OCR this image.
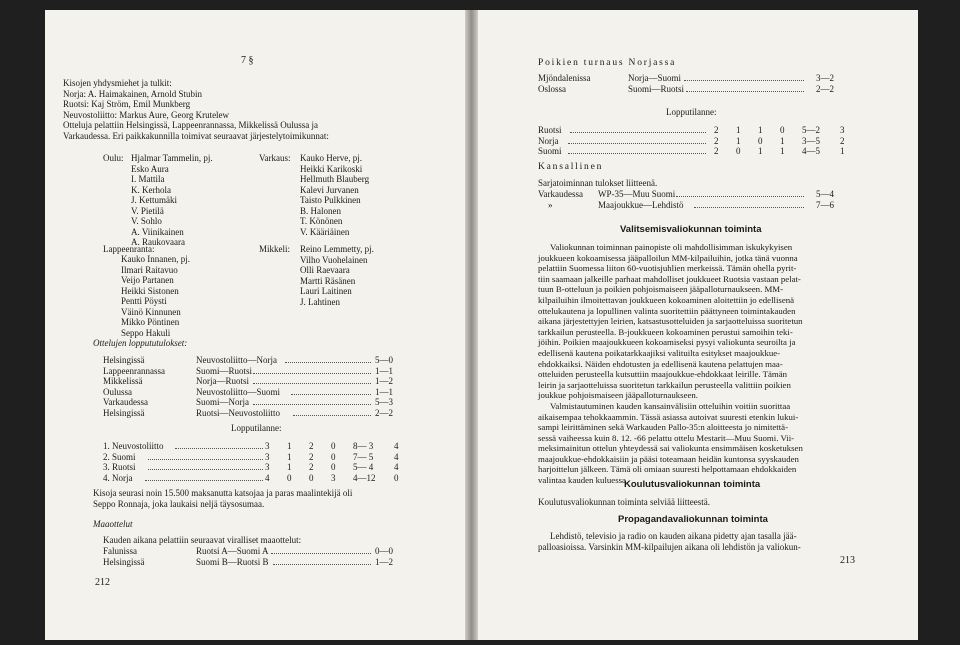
7 §
Kisojen yhdysmiehet ja tulkit:
Norja: A. Haimakainen, Arnold Stubin
Ruotsi: Kaj Ström, Emil Munkberg
Neuvostoliitto: Markus Aure, Georg Krutelew
Otteluja pelattiin Helsingissä, Lappeenrannassa, Mikkelissä Oulussa ja
Varkaudessa. Eri paikkakunnilla toimivat seuraavat järjestelytoimikunnat:
Oulu: Hjalmar Tammelin, pj.
Esko Aura
I. Mattila
K. Kerhola
J. Kettumäki
V. Pietilä
V. Sohlo
A. Viinikainen
A. Raukovaara
Varkaus: Kauko Herve, pj.
Heikki Karikoski
Hellmuth Blauberg
Kalevi Jurvanen
Taisto Pulkkinen
B. Halonen
T. Könönen
V. Kääriäinen
Lappeenranta:
Kauko Innanen, pj.
Ilmari Raitavuo
Veijo Partanen
Heikki Sistonen
Pentti Pöysti
Väinö Kinnunen
Mikko Pöntinen
Seppo Hakuli
Mikkeli: Reino Lemmetty, pj.
Vilho Vuohelainen
Olli Raevaara
Martti Räsänen
Lauri Laitinen
J. Lahtinen
Ottelujen loppututulokset:
Helsingissä	Neuvostoliitto—Norja	5—0
Lappeenrannassa	Suomi—Ruotsi	1—1
Mikkelissä	Norja—Ruotsi	1—2
Oulussa	Neuvostoliitto—Suomi	1—1
Varkaudessa	Suomi—Norja	5—3
Helsingissä	Ruotsi—Neuvostoliitto	2—2
Lopputilanne:
1. Neuvostoliitto	3 1 2 0 8— 3 4
2. Suomi	3 1 2 0 7— 5 4
3. Ruotsi	3 1 2 0 5— 4 4
4. Norja	4 0 0 3 4—12 0
Kisoja seurasi noin 15.500 maksanutta katsojaa ja paras maalintekijä oli
Seppo Ronnaja, joka laukaisi neljä täysosumaa.
Maaottelut
Kauden aikana pelattiin seuraavat viralliset maaottelut:
Falunissa	Ruotsi A—Suomi A	0—0
Helsingissä	Suomi B—Ruotsi B	1—2
212
Poikien turnaus Norjassa
Mjöndalenissa	Norja—Suomi	3—2
Oslossa	Suomi—Ruotsi	2—2
Lopputilanne:
Ruotsi	2 1 1 0 5—2 3
Norja	2 1 0 1 3—5 2
Suomi	2 0 1 1 4—5 1
Kansallinen
Sarjatoiminnan tulokset liitteenä.
Varkaudessa WP-35—Muu Suomi	5—4
»	Maajoukkue—Lehdistö	7—6
Valitsemisvaliokunnan toiminta
Valiokunnan toiminnan painopiste oli mahdollisimman iskukykyisen
joukkueen kokoamisessa jääpalloilun MM-kilpailuihin, jotka tänä vuonna
pelattiin Suomessa liiton 60-vuotisjuhlien merkeissä. Tämän ohella pyrit-
tiin saamaan jalkeille parhaat mahdolliset joukkueet Ruotsia vastaan pelat-
tuun B-otteluun ja poikien pohjoismaiseen jääpalloturnaukseen. MM-
kilpailuihin ilmoitettavan joukkueen kokoaminen aloitettiin jo edellisenä
ottelukautena ja lopullinen valinta suoritettiin päättyneen toimintakauden
aikana järjestettyjen leirien, katsastusotteluiden ja sarjaotteluissa suoritetun
tarkkailun perusteella. B-joukkueen kokoaminen perustui samoihin teki-
jöihin. Poikien maajoukkueen kokoamiseksi pysyi valiokunta seuroilta ja
edellisenä kautena poikatarkkaajiksi valituilta esitykset maajoukkue-
ehdokkaiksi. Näiden ehdotusten ja edellisenä kautena pelattujen maa-
otteluiden perusteella kutsuttiin maajoukkue-ehdokkaat leirille. Tämän
leirin ja sarjaotteluissa suoritetun tarkkailun perusteella valittiin poikien
joukkue pohjoismaiseen jääpalloturnaukseen.
Valmistautuminen kauden kansainvälisiin otteluihin voitiin suorittaa
aikaisempaa tehokkaammin. Tässä asiassa autoivat suuresti etenkin lukui-
sampi leirittäminen sekä Warkauden Pallo-35:n aloitteesta jo nimitettä-
sessä vaiheessa kuin 8. 12. -66 pelattu ottelu Mestarit—Muu Suomi. Vii-
meksimainitun ottelun yhteydessä sai valiokunta ensimmäisen kosketuksen
maajoukkue-ehdokkaisiin ja pääsi toteamaan heidän kuntonsa syyskauden
harjoittelun jälkeen. Tämä oli omiaan suuresti helpottamaan ehdokkaiden
valintaa kauden kuluessa.
Koulutusvaliokunnan toiminta
Koulutusvaliokunnan toiminta selviää liitteestä.
Propagandavaliokunnan toiminta
Lehdistö, televisio ja radio on kauden aikana pidetty ajan tasalla jää-
palloasioissa. Varsinkin MM-kilpailujen aikana oli lehdistön ja valiokun-
213
